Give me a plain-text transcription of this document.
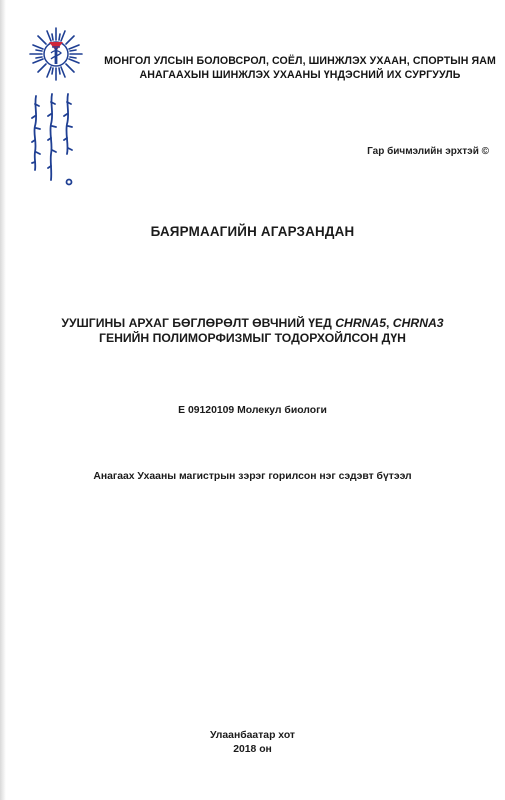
МОНГОЛ УЛСЫН БОЛОВСРОЛ, СОЁЛ, ШИНЖЛЭХ УХААН, СПОРТЫН ЯАМ
АНАГААХЫН ШИНЖЛЭХ УХААНЫ ҮНДЭСНИЙ ИХ СУРГУУЛЬ
Гар бичмэлийн эрхтэй ©
БАЯРМААГИЙН АГАРЗАНДАН
УУШГИНЫ АРХАГ БӨГЛӨРӨЛТ ӨВЧНИЙ ҮЕД CHRNA5, CHRNA3
ГЕНИЙН ПОЛИМОРФИЗМЫГ ТОДОРХОЙЛСОН ДҮН
Е 09120109 Молекул биологи
Анагаах Ухааны магистрын зэрэг горилсон нэг сэдэвт бүтээл
Улаанбаатар хот
2018 он
